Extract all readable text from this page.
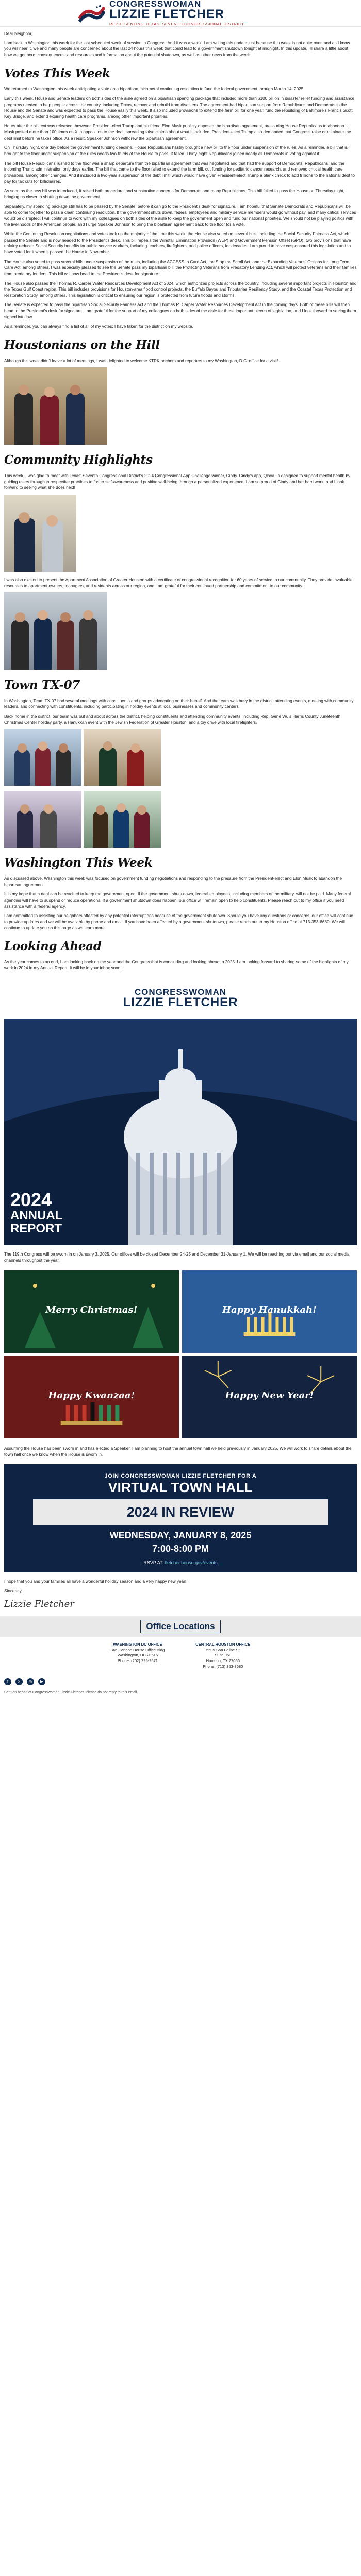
CONGRESSWOMAN
LIZZIE FLETCHER
REPRESENTING TEXAS' SEVENTH CONGRESSIONAL DISTRICT
Dear Neighbor,
I am back in Washington this week for the last scheduled week of session in Congress. And it was a week! I am writing this update just because this week is not quite over, and as I know you will hear it, we and many people are concerned about the last 24 hours this week that could lead to a government shutdown tonight at midnight. In this update, I'll share a little about how we got here, consequences, and resources and information about the potential shutdown, as well as other news from the week.
Votes This Week
We returned to Washington this week anticipating a vote on a bipartisan, bicameral continuing resolution to fund the federal government through March 14, 2025.
Early this week, House and Senate leaders on both sides of the aisle agreed on a bipartisan spending package that included more than $100 billion in disaster relief funding and assistance programs needed to help people across the country, including Texas, recover and rebuild from disasters. The agreement had bipartisan support from Republicans and Democrats in the House and the Senate and was expected to pass the House easily this week. It also included provisions to extend the farm bill for one year, fund the rebuilding of Baltimore's Francis Scott Key Bridge, and extend expiring health care programs, among other important priorities.
Hours after the bill text was released, however, President-elect Trump and his friend Elon Musk publicly opposed the bipartisan agreement, pressuring House Republicans to abandon it. Musk posted more than 100 times on X in opposition to the deal, spreading false claims about what it included. President-elect Trump also demanded that Congress raise or eliminate the debt limit before he takes office. As a result, Speaker Johnson withdrew the bipartisan agreement.
On Thursday night, one day before the government funding deadline, House Republicans hastily brought a new bill to the floor under suspension of the rules. As a reminder, a bill that is brought to the floor under suspension of the rules needs two-thirds of the House to pass. It failed. Thirty-eight Republicans joined nearly all Democrats in voting against it.
The bill House Republicans rushed to the floor was a sharp departure from the bipartisan agreement that was negotiated and that had the support of Democrats, Republicans, and the incoming Trump administration only days earlier. The bill that came to the floor failed to extend the farm bill, cut funding for pediatric cancer research, and removed critical health care provisions, among other changes. And it included a two-year suspension of the debt limit, which would have given President-elect Trump a blank check to add trillions to the national debt to pay for tax cuts for billionaires.
As soon as the new bill was introduced, it raised both procedural and substantive concerns for Democrats and many Republicans. This bill failed to pass the House on Thursday night, bringing us closer to shutting down the government.
Separately, my spending package still has to be passed by the Senate, before it can go to the President's desk for signature. I am hopeful that Senate Democrats and Republicans will be able to come together to pass a clean continuing resolution. If the government shuts down, federal employees and military service members would go without pay, and many critical services would be disrupted. I will continue to work with my colleagues on both sides of the aisle to keep the government open and fund our national priorities. We should not be playing politics with the livelihoods of the American people, and I urge Speaker Johnson to bring the bipartisan agreement back to the floor for a vote.
While the Continuing Resolution negotiations and votes took up the majority of the time this week, the House also voted on several bills, including the Social Security Fairness Act, which passed the Senate and is now headed to the President's desk. This bill repeals the Windfall Elimination Provision (WEP) and Government Pension Offset (GPO), two provisions that have unfairly reduced Social Security benefits for public service workers, including teachers, firefighters, and police officers, for decades. I am proud to have cosponsored this legislation and to have voted for it when it passed the House in November.
The House also voted to pass several bills under suspension of the rules, including the ACCESS to Care Act, the Stop the Scroll Act, and the Expanding Veterans' Options for Long Term Care Act, among others. I was especially pleased to see the Senate pass my bipartisan bill, the Protecting Veterans from Predatory Lending Act, which will protect veterans and their families from predatory lenders. This bill will now head to the President's desk for signature.
The House also passed the Thomas R. Carper Water Resources Development Act of 2024, which authorizes projects across the country, including several important projects in Houston and the Texas Gulf Coast region. This bill includes provisions for Houston-area flood control projects, the Buffalo Bayou and Tributaries Resiliency Study, and the Coastal Texas Protection and Restoration Study, among others. This legislation is critical to ensuring our region is protected from future floods and storms.
The Senate is expected to pass the bipartisan Social Security Fairness Act and the Thomas R. Carper Water Resources Development Act in the coming days. Both of these bills will then head to the President's desk for signature. I am grateful for the support of my colleagues on both sides of the aisle for these important pieces of legislation, and I look forward to seeing them signed into law.
As a reminder, you can always find a list of all of my votes: I have taken for the district on my website.
Houstonians on the Hill
Although this week didn't leave a lot of meetings, I was delighted to welcome KTRK anchors and reporters to my Washington, D.C. office for a visit!
Community Highlights
This week, I was glad to meet with Texas' Seventh Congressional District's 2024 Congressional App Challenge winner, Cindy. Cindy's app, Qlaxa, is designed to support mental health by guiding users through introspective practices to foster self-awareness and positive well-being through a personalized experience. I am so proud of Cindy and her hard work, and I look forward to seeing what she does next!
I was also excited to present the Apartment Association of Greater Houston with a certificate of congressional recognition for 60 years of service to our community. They provide invaluable resources to apartment owners, managers, and residents across our region, and I am grateful for their continued partnership and commitment to our community.
Town TX-07
In Washington, Team TX-07 had several meetings with constituents and groups advocating on their behalf. And the team was busy in the district, attending events, meeting with community leaders, and connecting with constituents, including participating in holiday events at local businesses and community centers.
Back home in the district, our team was out and about across the district, helping constituents and attending community events, including Rep. Gene Wu's Harris County Juneteenth Christmas Center holiday party, a Hanukkah event with the Jewish Federation of Greater Houston, and a toy drive with local firefighters.
Washington This Week
As discussed above, Washington this week was focused on government funding negotiations and responding to the pressure from the President-elect and Elon Musk to abandon the bipartisan agreement.
It is my hope that a deal can be reached to keep the government open. If the government shuts down, federal employees, including members of the military, will not be paid. Many federal agencies will have to suspend or reduce operations. If a government shutdown does happen, our office will remain open to help constituents. Please reach out to my office if you need assistance with a federal agency.
I am committed to assisting our neighbors affected by any potential interruptions because of the government shutdown. Should you have any questions or concerns, our office will continue to provide updates and we will be available by phone and email. If you have been affected by a government shutdown, please reach out to my Houston office at 713-353-8680. We will continue to update you on this page as we learn more.
Looking Ahead
As the year comes to an end, I am looking back on the year and the Congress that is concluding and looking ahead to 2025. I am looking forward to sharing some of the highlights of my work in 2024 in my Annual Report. It will be in your inbox soon!
CONGRESSWOMAN
LIZZIE FLETCHER
2024
ANNUAL
REPORT
The 119th Congress will be sworn in on January 3, 2025. Our offices will be closed December 24-25 and December 31-January 1. We will be reaching out via email and our social media channels throughout the year.
Merry Christmas!	Happy Hanukkah!
Happy Kwanzaa!	Happy New Year!
Assuming the House has been sworn in and has elected a Speaker, I am planning to host the annual town hall we held previously in January 2025. We will work to share details about the town hall once we know when the House is sworn in.
JOIN CONGRESSWOMAN LIZZIE FLETCHER FOR A
VIRTUAL TOWN HALL
2024 IN REVIEW
WEDNESDAY, JANUARY 8, 2025
7:00-8:00 PM
RSVP AT: fletcher.house.gov/events
I hope that you and your families all have a wonderful holiday season and a very happy new year!
Sincerely,
Lizzie Fletcher
Office Locations
WASHINGTON DC OFFICE
346 Cannon House Office Bldg
Washington, DC 20515
Phone: (202) 225-2571
CENTRAL HOUSTON OFFICE
5599 San Felipe St
Suite 950
Houston, TX 77056
Phone: (713) 353-8680
f	x	◎	▶
Sent on behalf of Congresswoman Lizzie Fletcher. Please do not reply to this email.
